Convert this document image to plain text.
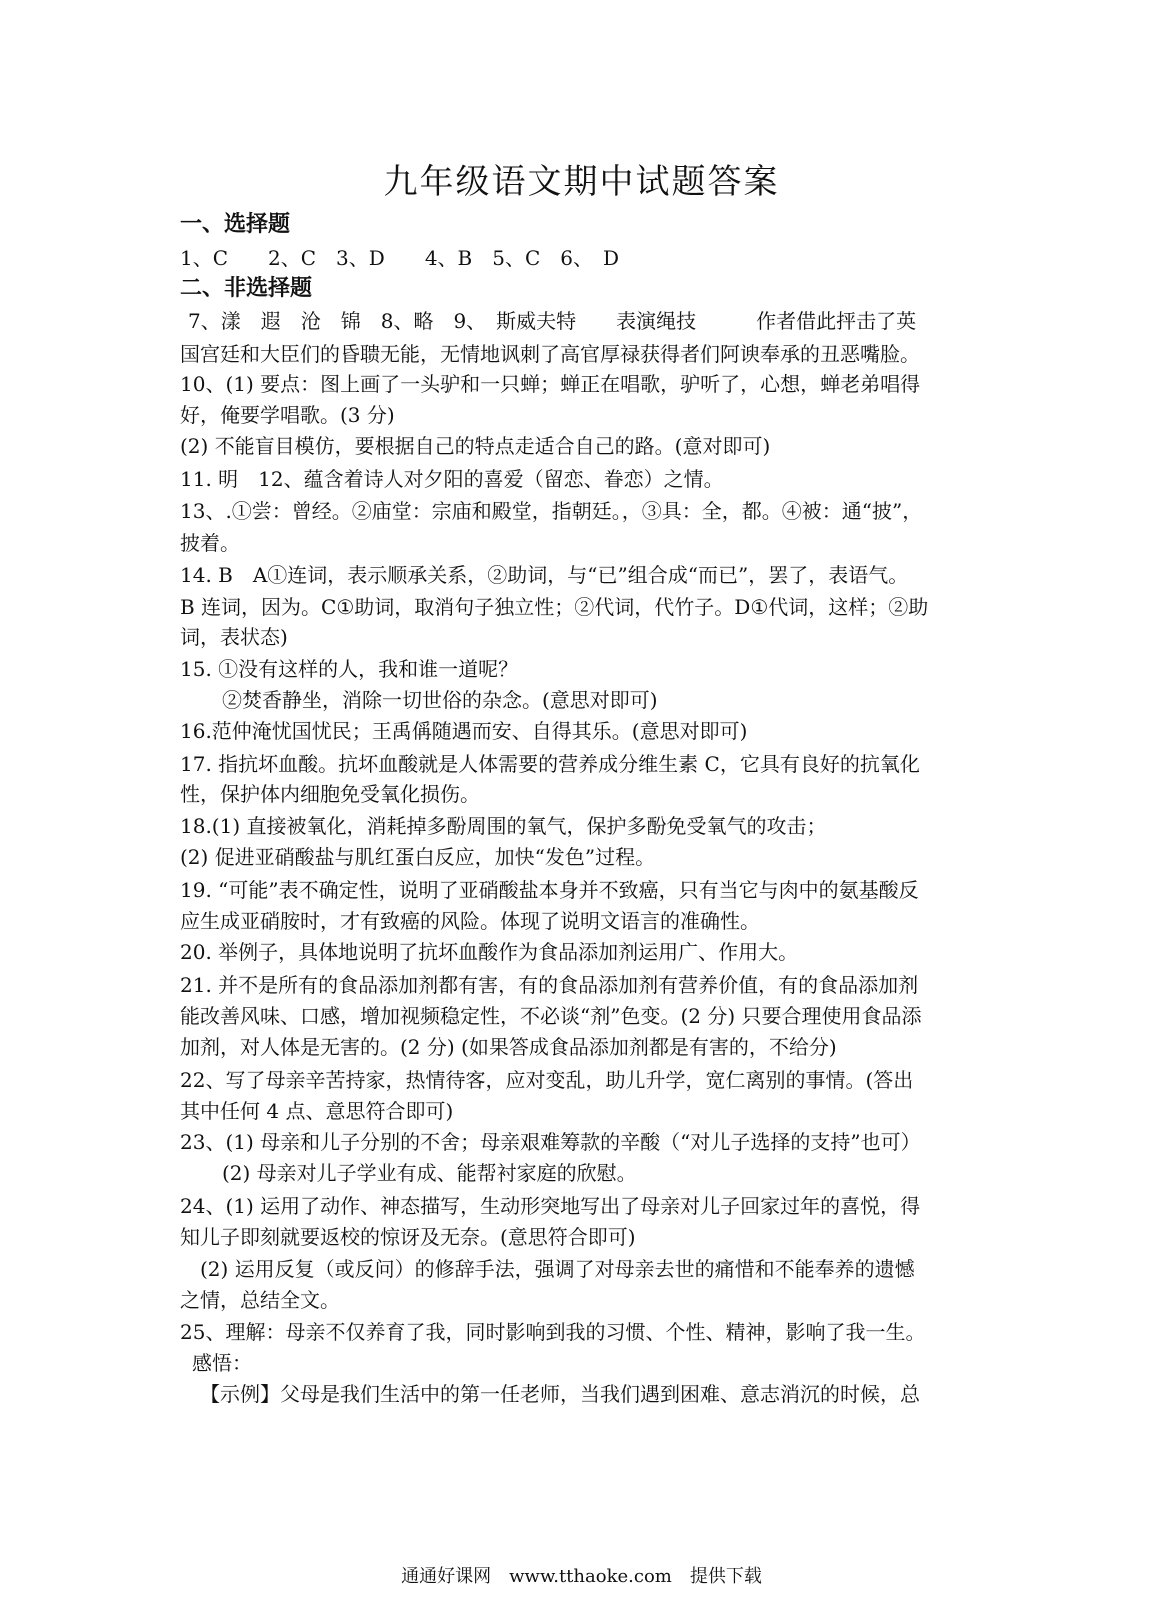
九年级语文期中试题答案
一、选择题
1、C　　2、C　3、D　　4、B　5、C　6、　D
二、非选择题
7、漾　遐　沧　锦　8、略　9、　斯威夫特　　表演绳技　　　作者借此抨击了英
国宫廷和大臣们的昏聩无能，无情地讽刺了高官厚禄获得者们阿谀奉承的丑恶嘴脸。
10、(1) 要点：图上画了一头驴和一只蝉；蝉正在唱歌，驴听了，心想，蝉老弟唱得
好，俺要学唱歌。(3 分)
(2) 不能盲目模仿，要根据自己的特点走适合自己的路。(意对即可)
11. 明　12、蕴含着诗人对夕阳的喜爱（留恋、眷恋）之情。
13、.①尝：曾经。②庙堂：宗庙和殿堂，指朝廷。，③具：全，都。④被：通“披”，
披着。
14. B　A①连词，表示顺承关系，②助词，与“已”组合成“而已”，罢了，表语气。
B 连词，因为。C①助词，取消句子独立性；②代词，代竹子。D①代词，这样；②助
词，表状态)
15. ①没有这样的人，我和谁一道呢？
②焚香静坐，消除一切世俗的杂念。(意思对即可)
16.范仲淹忧国忧民；王禹偁随遇而安、自得其乐。(意思对即可)
17. 指抗坏血酸。抗坏血酸就是人体需要的营养成分维生素 C，它具有良好的抗氧化
性，保护体内细胞免受氧化损伤。
18.(1) 直接被氧化，消耗掉多酚周围的氧气，保护多酚免受氧气的攻击；
(2) 促进亚硝酸盐与肌红蛋白反应，加快“发色”过程。
19. “可能”表不确定性，说明了亚硝酸盐本身并不致癌，只有当它与肉中的氨基酸反
应生成亚硝胺时，才有致癌的风险。体现了说明文语言的准确性。
20. 举例子，具体地说明了抗坏血酸作为食品添加剂运用广、作用大。
21. 并不是所有的食品添加剂都有害，有的食品添加剂有营养价值，有的食品添加剂
能改善风味、口感，增加视频稳定性，不必谈“剂”色变。(2 分) 只要合理使用食品添
加剂，对人体是无害的。(2 分) (如果答成食品添加剂都是有害的，不给分)
22、写了母亲辛苦持家，热情待客，应对变乱，助儿升学，宽仁离别的事情。(答出
其中任何 4 点、意思符合即可)
23、(1) 母亲和儿子分别的不舍；母亲艰难筹款的辛酸（“对儿子选择的支持”也可）
(2) 母亲对儿子学业有成、能帮衬家庭的欣慰。
24、(1) 运用了动作、神态描写，生动形突地写出了母亲对儿子回家过年的喜悦，得
知儿子即刻就要返校的惊讶及无奈。(意思符合即可)
(2) 运用反复（或反问）的修辞手法，强调了对母亲去世的痛惜和不能奉养的遗憾
之情，总结全文。
25、理解：母亲不仅养育了我，同时影响到我的习惯、个性、精神，影响了我一生。
感悟：
【示例】父母是我们生活中的第一任老师，当我们遇到困难、意志消沉的时候，总
通通好课网　www.tthaoke.com　提供下载
